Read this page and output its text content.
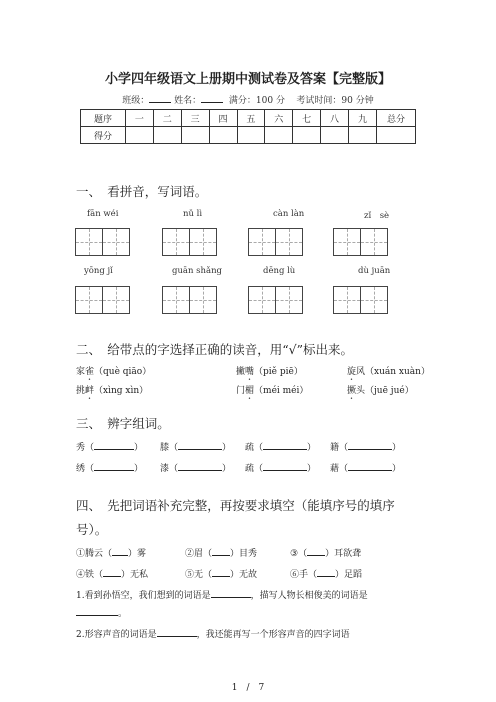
小学四年级语文上册期中测试卷及答案【完整版】
班级：	姓名：	满分：100 分 考试时间：90 分钟
题序	一	二	三	四	五	六	七	八	九	总分
得分										
一、　看拼音，写词语。
fān wéi	nǔ lì	càn làn	zǐ　sè
yōng jǐ	guān shǎng	dēng lù	dù juān
二、　给带点的字选择正确的读音，用“√”标出来。
家雀（què qiāo）	撇嘴（piě piē）	旋风（xuán xuàn）
挑衅（xìng xìn）	门楣（méi méi）	撅头（juē jué）
三、　辨字组词。
秀（	） 膝（	） 疏（	） 籍（	）
绣（	） 漆（	） 疏（	） 藉（	）
四、　先把词语补充完整，再按要求填空（能填序号的填序
号）。
①腾云（ ）雾	②眉（ ）目秀	③（ ）耳欲聋
④铁（ ）无私	⑤无（ ）无故	⑥手（ ）足蹈
1.看到孙悟空，我们想到的词语是	，描写人物长相俊美的词语是
。
2.形容声音的词语是	，我还能再写一个形容声音的四字词语
1　/　7
